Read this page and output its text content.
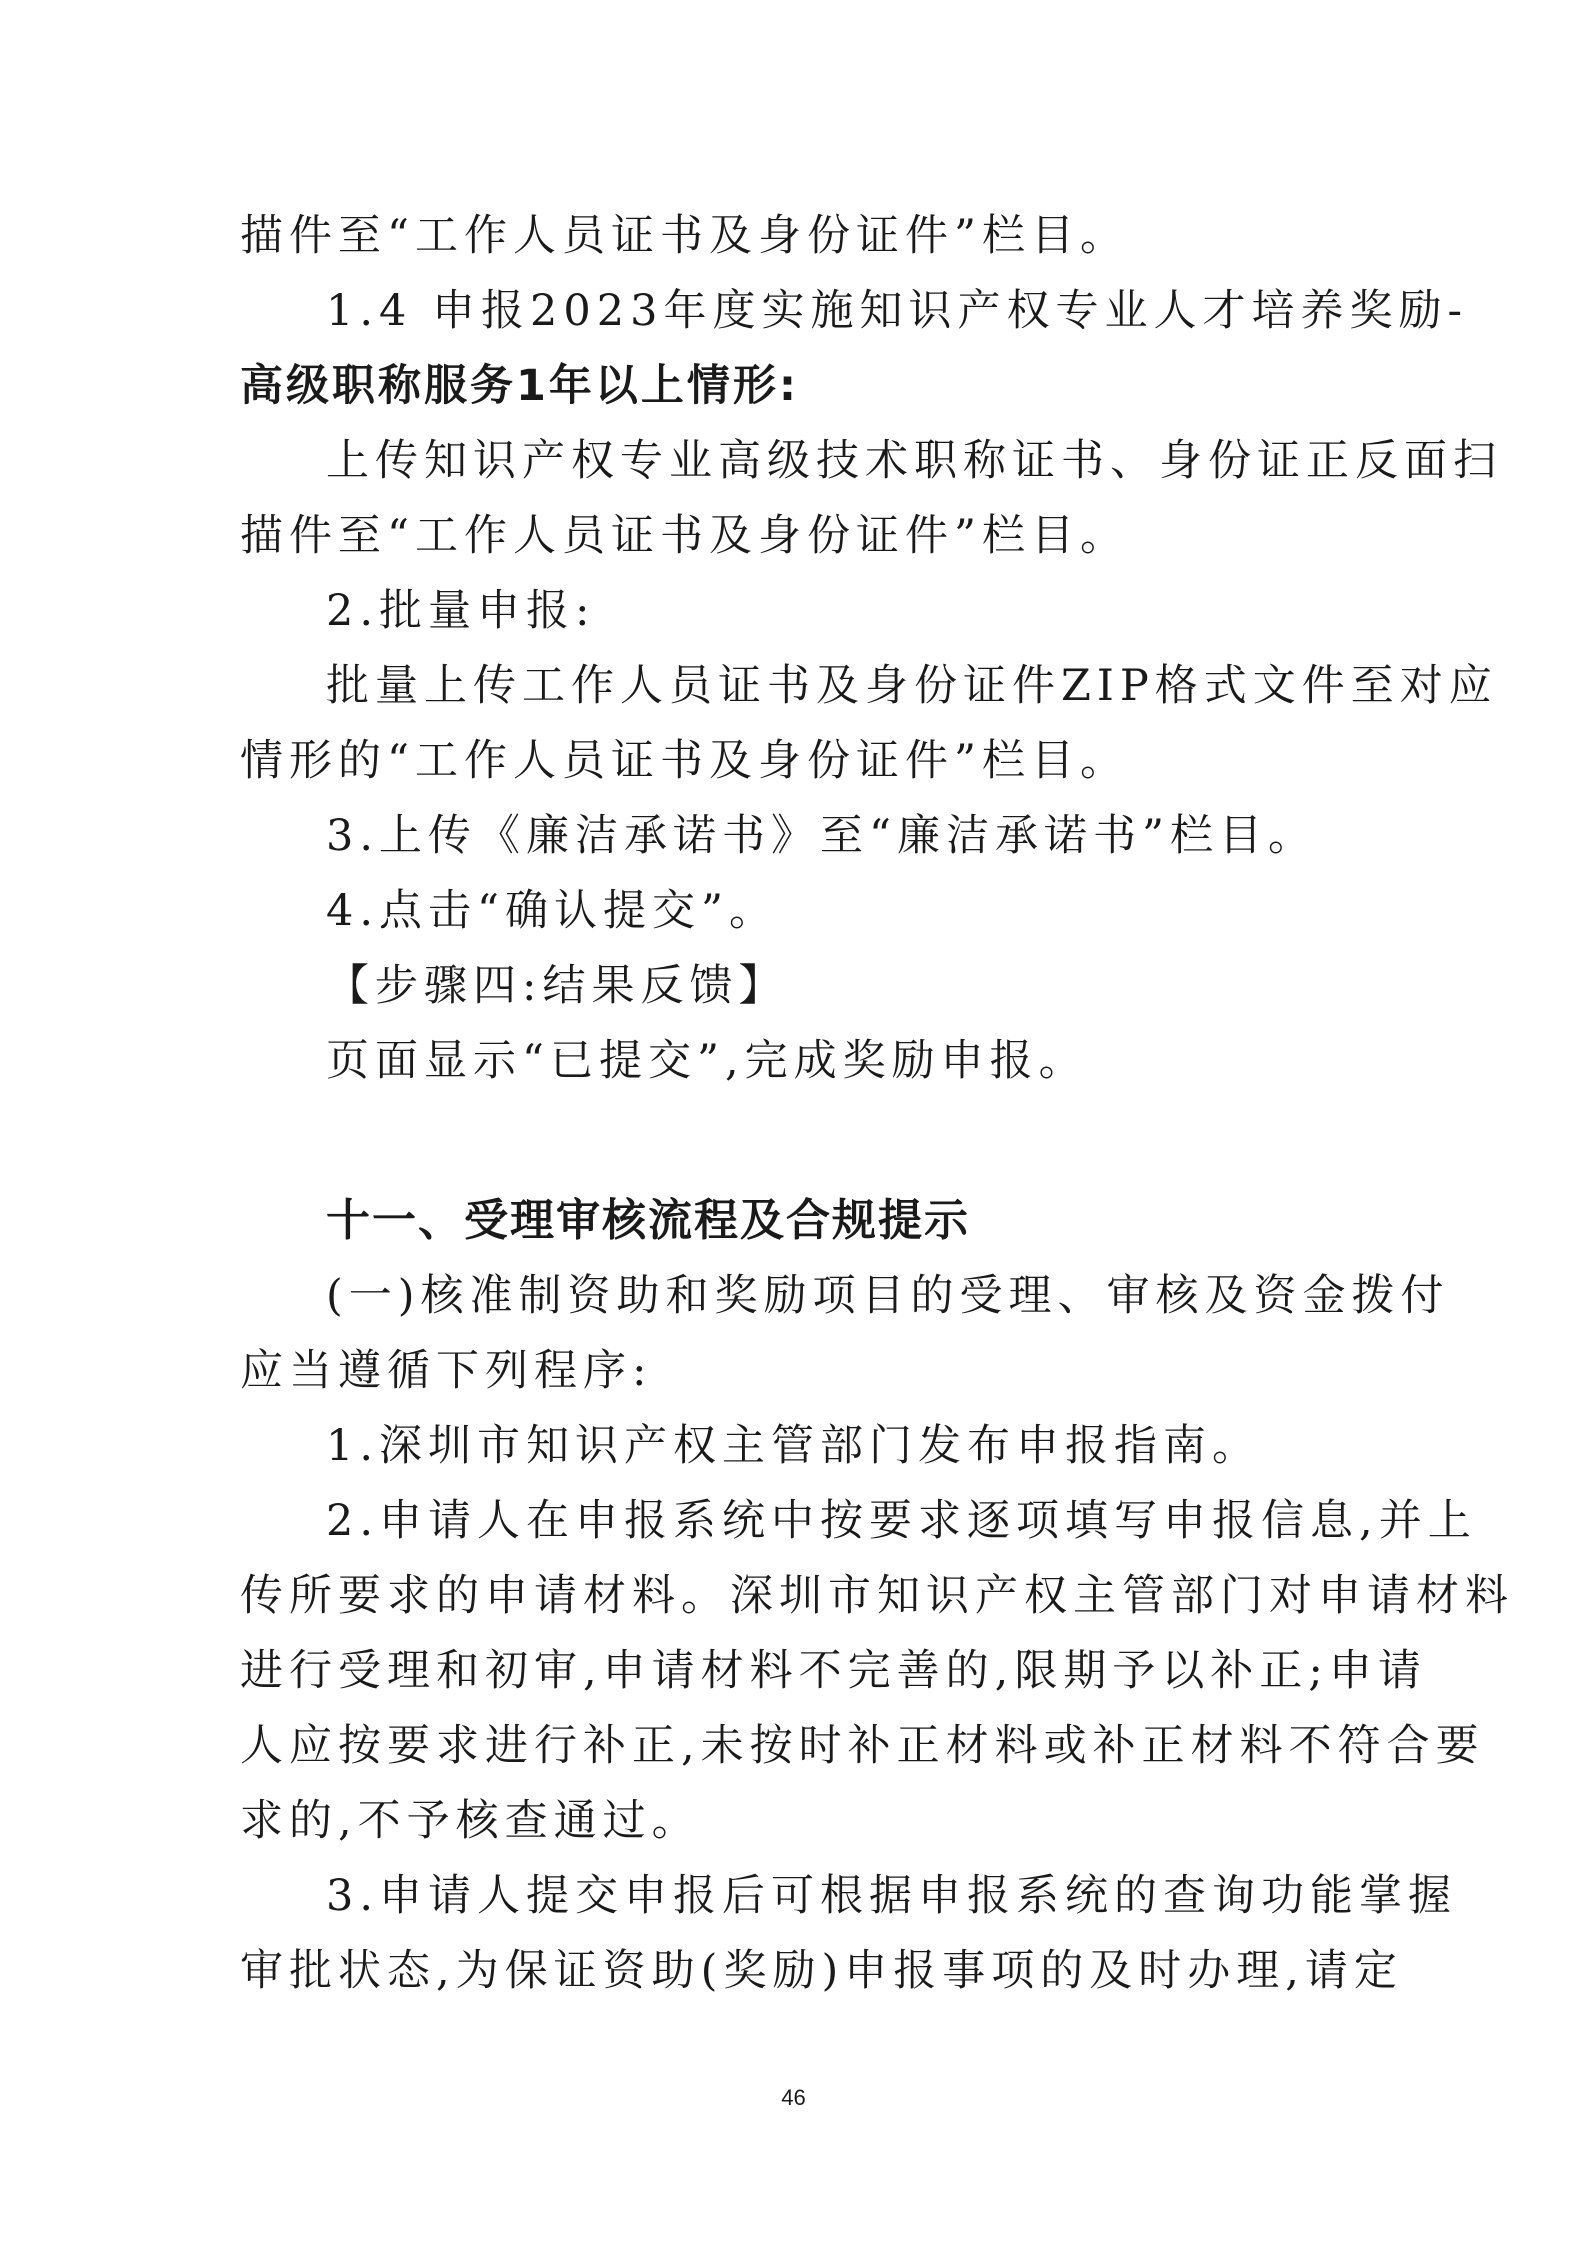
描件至“工作人员证书及身份证件”栏目。
1.4 申报2023年度实施知识产权专业人才培养奖励-
高级职称服务1年以上情形:
上传知识产权专业高级技术职称证书、身份证正反面扫
描件至“工作人员证书及身份证件”栏目。
2.批量申报:
批量上传工作人员证书及身份证件ZIP格式文件至对应
情形的“工作人员证书及身份证件”栏目。
3.上传《廉洁承诺书》至“廉洁承诺书”栏目。
4.点击“确认提交”。
【步骤四:结果反馈】
页面显示“已提交”,完成奖励申报。
十一、受理审核流程及合规提示
(一)核准制资助和奖励项目的受理、审核及资金拨付
应当遵循下列程序:
1.深圳市知识产权主管部门发布申报指南。
2.申请人在申报系统中按要求逐项填写申报信息,并上
传所要求的申请材料。深圳市知识产权主管部门对申请材料
进行受理和初审,申请材料不完善的,限期予以补正;申请
人应按要求进行补正,未按时补正材料或补正材料不符合要
求的,不予核查通过。
3.申请人提交申报后可根据申报系统的查询功能掌握
审批状态,为保证资助(奖励)申报事项的及时办理,请定
46
